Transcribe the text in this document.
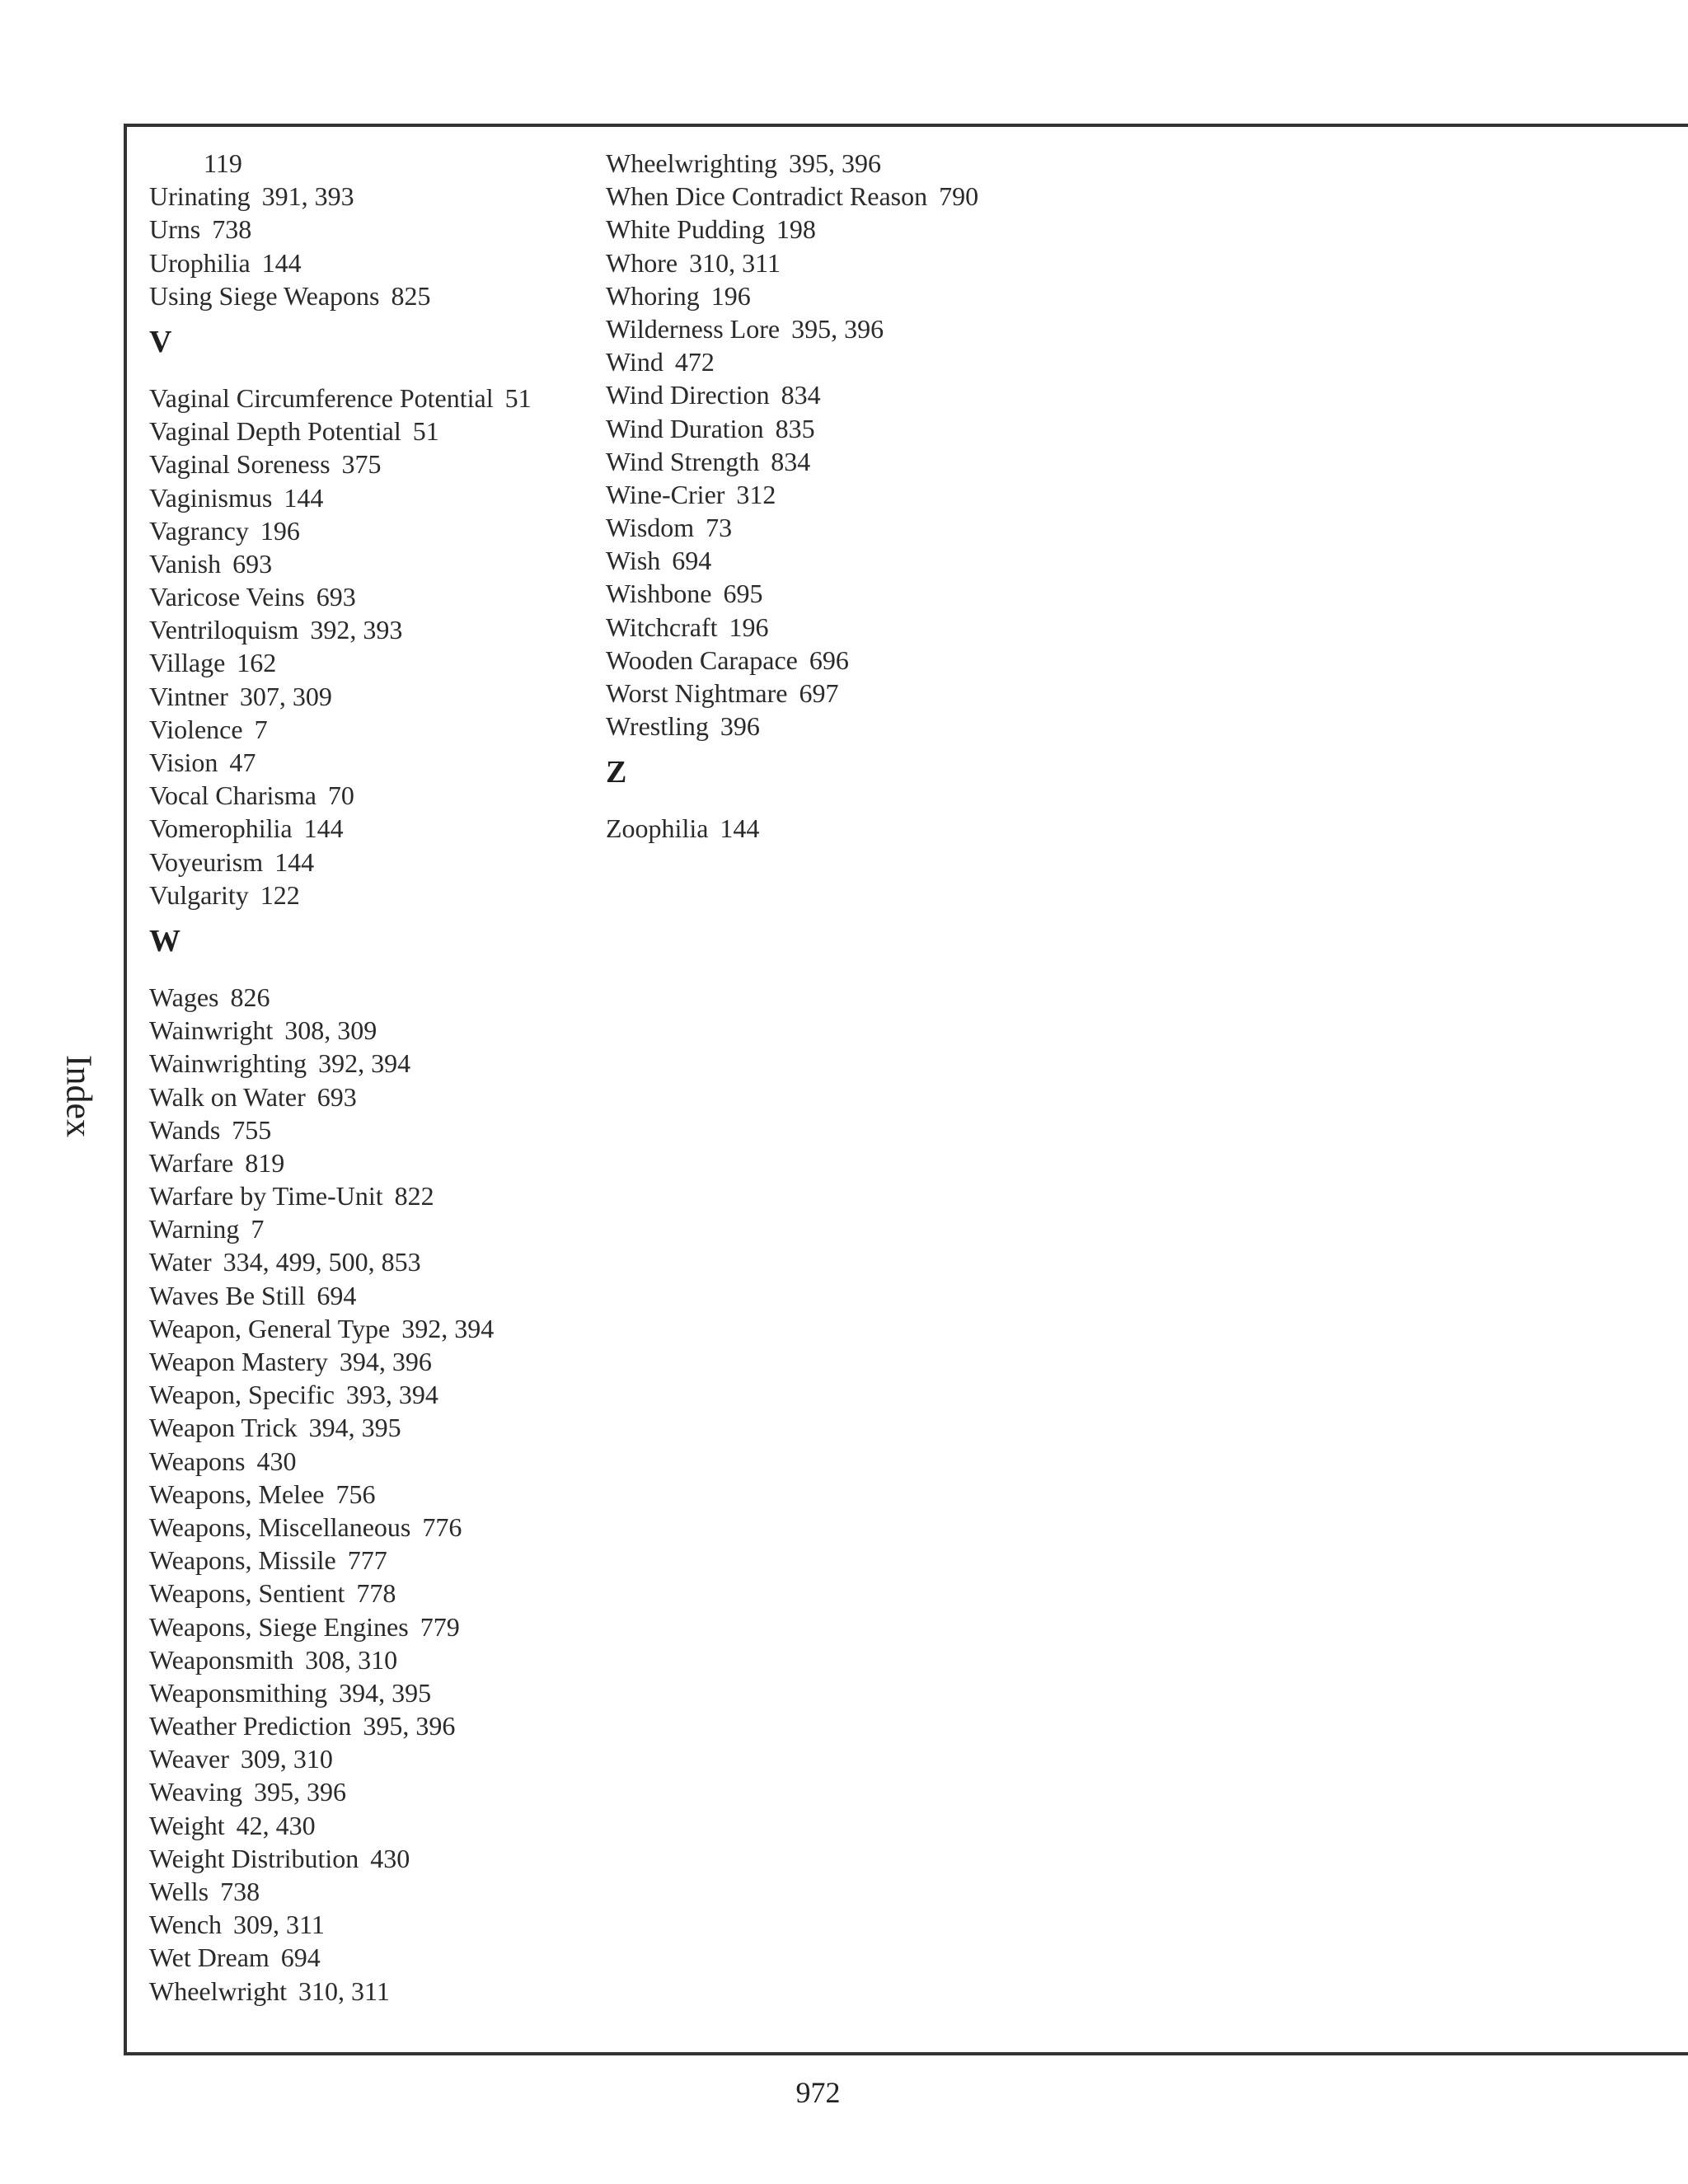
Index
119
Urinating 391, 393
Urns 738
Urophilia 144
Using Siege Weapons 825
V
Vaginal Circumference Potential 51
Vaginal Depth Potential 51
Vaginal Soreness 375
Vaginismus 144
Vagrancy 196
Vanish 693
Varicose Veins 693
Ventriloquism 392, 393
Village 162
Vintner 307, 309
Violence 7
Vision 47
Vocal Charisma 70
Vomerophilia 144
Voyeurism 144
Vulgarity 122
W
Wages 826
Wainwright 308, 309
Wainwrighting 392, 394
Walk on Water 693
Wands 755
Warfare 819
Warfare by Time-Unit 822
Warning 7
Water 334, 499, 500, 853
Waves Be Still 694
Weapon, General Type 392, 394
Weapon Mastery 394, 396
Weapon, Specific 393, 394
Weapon Trick 394, 395
Weapons 430
Weapons, Melee 756
Weapons, Miscellaneous 776
Weapons, Missile 777
Weapons, Sentient 778
Weapons, Siege Engines 779
Weaponsmith 308, 310
Weaponsmithing 394, 395
Weather Prediction 395, 396
Weaver 309, 310
Weaving 395, 396
Weight 42, 430
Weight Distribution 430
Wells 738
Wench 309, 311
Wet Dream 694
Wheelwright 310, 311
Wheelwrighting 395, 396
When Dice Contradict Reason 790
White Pudding 198
Whore 310, 311
Whoring 196
Wilderness Lore 395, 396
Wind 472
Wind Direction 834
Wind Duration 835
Wind Strength 834
Wine-Crier 312
Wisdom 73
Wish 694
Wishbone 695
Witchcraft 196
Wooden Carapace 696
Worst Nightmare 697
Wrestling 396
Z
Zoophilia 144
972
